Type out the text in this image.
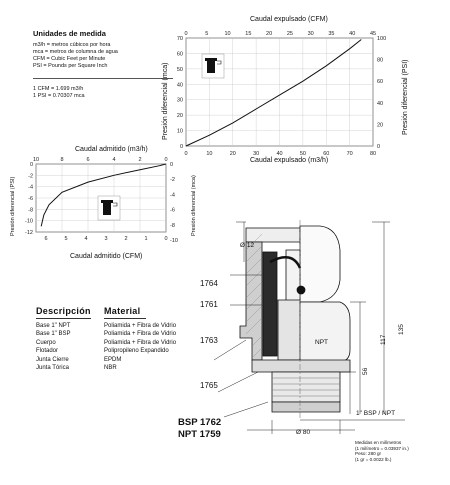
Unidades de medida
m3/h = metros cúbicos por hora
mca = metros de columna de agua
CFM = Cubic Feet per Minute
PSI = Pounds per Square Inch
1 CFM = 1.699 m3/h
1 PSI = 0.70307 mca
Caudal expulsado (CFM)
Caudal expulsado (m3/h)
Presión diferencial (mca)	Presión diferencial (PSI)
0	10	20	30	40	50	60	70	80
0
10
20
30
40
50
60
70
0	5	10	15	20	25	30	35	40	45
0
20
40
60
80
100
10	8	6	4	2	0
0
-2
-4
-6
-8
-10
-12
6	5	4	3	2	1	0
0
-2
-4
-6
-8
-10
Caudal admitido (m3/h)
Caudal admitido (CFM)
Presión diferencial (PSI)	Presión diferencial (mca)
Descripción Material
Base 1" NPT	Poliamida + Fibra de Vidrio
Base 1" BSP	Poliamida + Fibra de Vidrio
Cuerpo	Poliamida + Fibra de Vidrio
Flotador	Polipropileno Expandido
Junta Cierre	EPDM
Junta Tórica	NBR
Ø 12
135
117
56
1" BSP / NPT
Ø 80
NPT
1764
1761
1763
1765
BSP 1762
NPT 1759
Medidas en milímetros
(1 milímetro = 0.03937 in.)
Peso: 280 gr
(1 gr = 0.0022 lb.)
